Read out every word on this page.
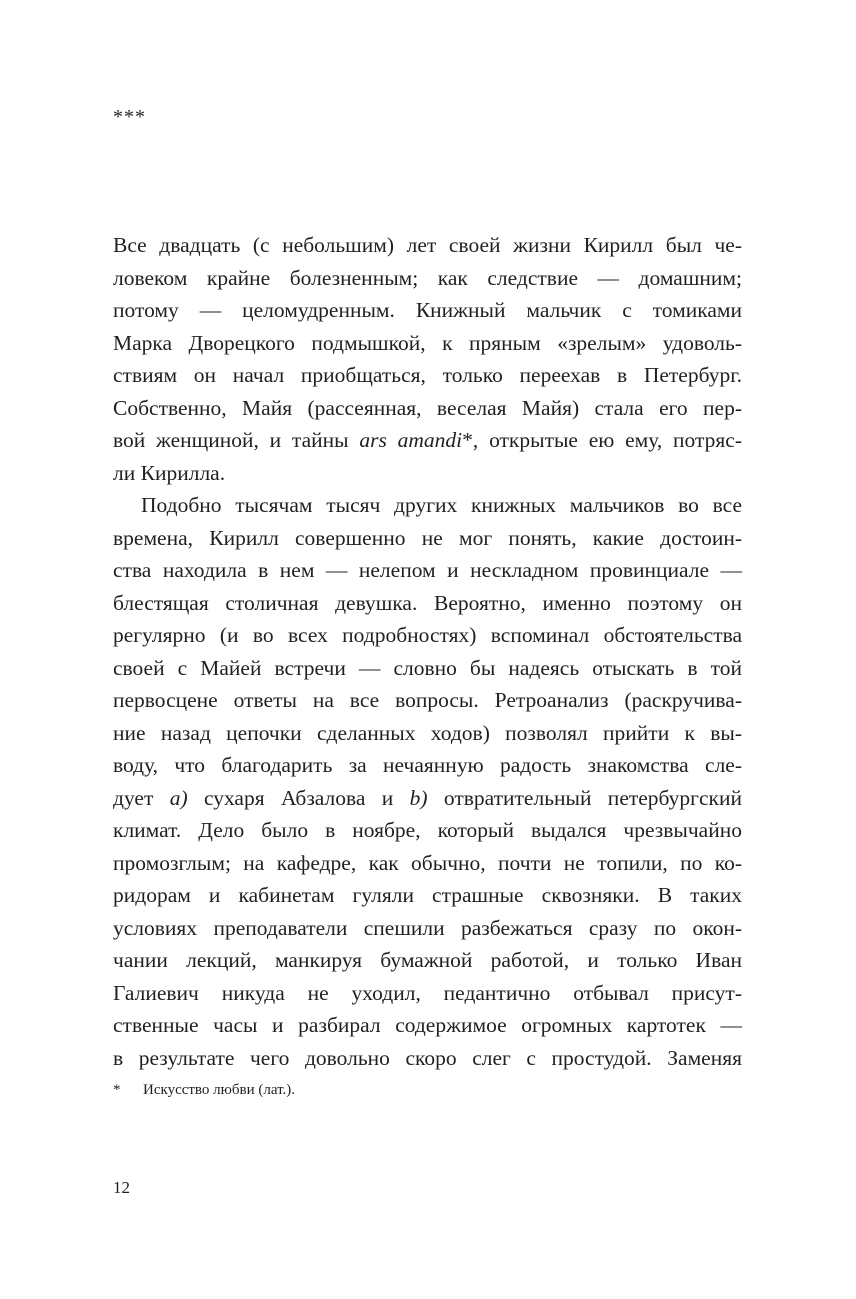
***
Все двадцать (с небольшим) лет своей жизни Кирилл был че-
ловеком крайне болезненным; как следствие — домашним;
потому — целомудренным. Книжный мальчик с томиками
Марка Дворецкого подмышкой, к пряным «зрелым» удоволь-
ствиям он начал приобщаться, только переехав в Петербург.
Собственно, Майя (рассеянная, веселая Майя) стала его пер-
вой женщиной, и тайны ars amandi*, открытые ею ему, потряс-
ли Кирилла.
Подобно тысячам тысяч других книжных мальчиков во все
времена, Кирилл совершенно не мог понять, какие достоин-
ства находила в нем — нелепом и нескладном провинциале —
блестящая столичная девушка. Вероятно, именно поэтому он
регулярно (и во всех подробностях) вспоминал обстоятельства
своей с Майей встречи — словно бы надеясь отыскать в той
первосцене ответы на все вопросы. Ретроанализ (раскручива-
ние назад цепочки сделанных ходов) позволял прийти к вы-
воду, что благодарить за нечаянную радость знакомства сле-
дует a) сухаря Абзалова и b) отвратительный петербургский
климат. Дело было в ноябре, который выдался чрезвычайно
промозглым; на кафедре, как обычно, почти не топили, по ко-
ридорам и кабинетам гуляли страшные сквозняки. В таких
условиях преподаватели спешили разбежаться сразу по окон-
чании лекций, манкируя бумажной работой, и только Иван
Галиевич никуда не уходил, педантично отбывал присут-
ственные часы и разбирал содержимое огромных картотек —
в результате чего довольно скоро слег с простудой. Заменяя
* Искусство любви (лат.).
12
